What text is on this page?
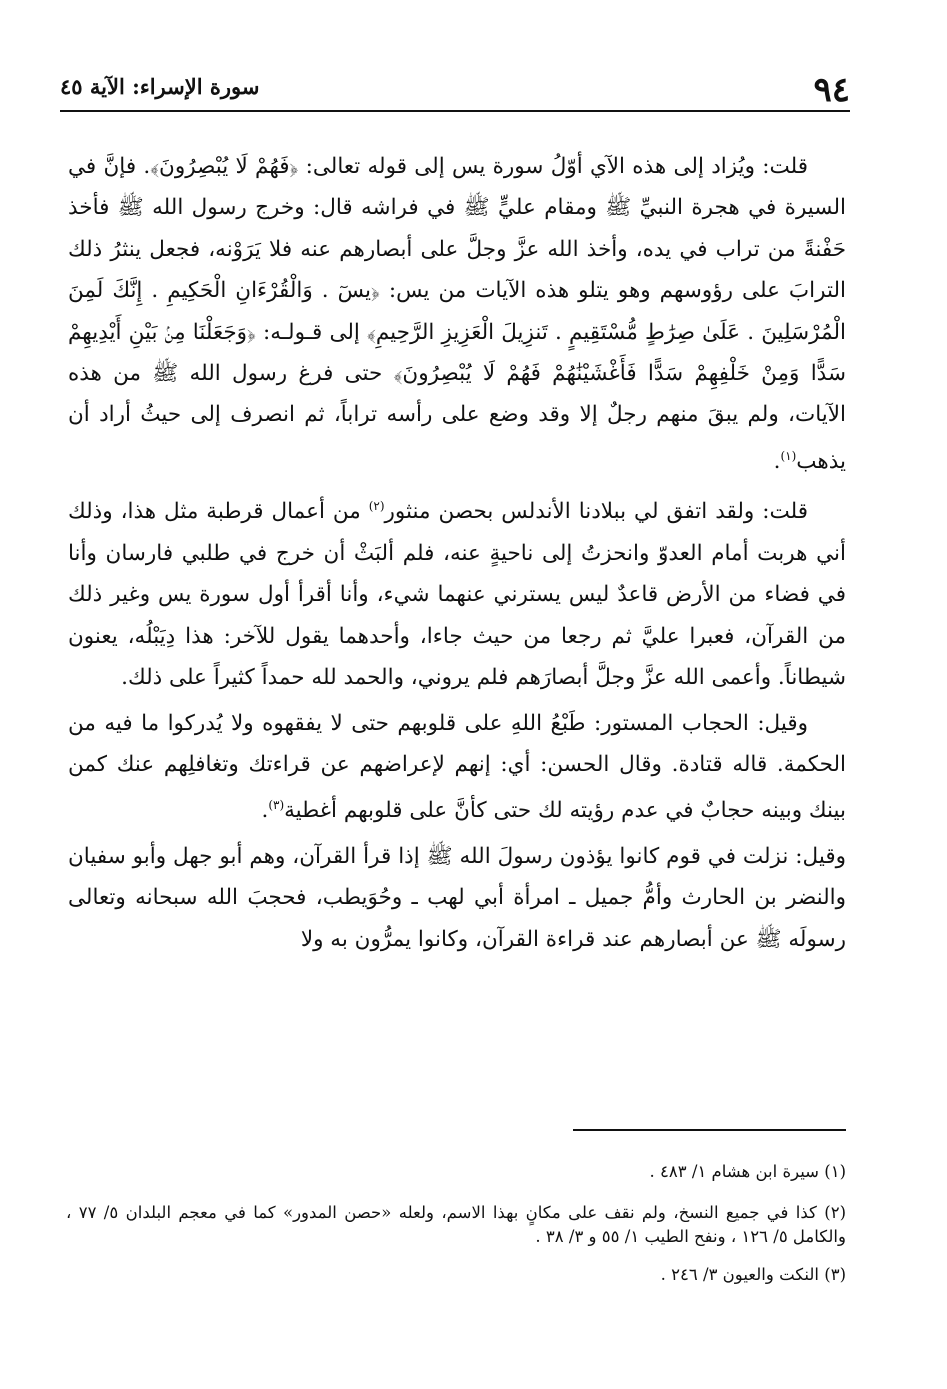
٩٤
سورة الإسراء: الآية ٤٥

قلت: ويُزاد إلى هذه الآي أوّلُ سورة يس إلى قوله تعالى: ﴿فَهُمْ لَا يُبْصِرُونَ﴾. فإنَّ في السيرة في هجرة النبيِّ ﷺ ومقام عليٍّ ﷺ في فراشه قال: وخرج رسول الله ﷺ فأخذ حَفْنةً من تراب في يده، وأخذ الله عزَّ وجلَّ على أبصارهم عنه فلا يَرَوْنه، فجعل ينثرُ ذلك الترابَ على رؤوسهم وهو يتلو هذه الآيات من يس: ﴿يسٓ . وَالْقُرْءَانِ الْحَكِيمِ . إِنَّكَ لَمِنَ الْمُرْسَلِينَ . عَلَىٰ صِرَٰطٍ مُّسْتَقِيمٍ . تَنزِيلَ الْعَزِيزِ الرَّحِيمِ﴾ إلى قـولـه: ﴿وَجَعَلْنَا مِنۢ بَيْنِ أَيْدِيهِمْ سَدًّا وَمِنْ خَلْفِهِمْ سَدًّا فَأَغْشَيْنَٰهُمْ فَهُمْ لَا يُبْصِرُونَ﴾ حتى فرغ رسول الله ﷺ من هذه الآيات، ولم يبقَ منهم رجلٌ إلا وقد وضع على رأسه تراباً، ثم انصرف إلى حيثُ أراد أن يذهب$^{(١)}$.

قلت: ولقد اتفق لي ببلادنا الأندلس بحصن منثور$^{(٢)}$ من أعمال قرطبة مثل هذا، وذلك أني هربت أمام العدوّ وانحزتُ إلى ناحيةٍ عنه، فلم ألبَثْ أن خرج في طلبي فارسان وأنا في فضاء من الأرض قاعدٌ ليس يسترني عنهما شيء، وأنا أقرأ أول سورة يس وغير ذلك من القرآن، فعبرا عليَّ ثم رجعا من حيث جاءا، وأحدهما يقول للآخر: هذا دِيَبْلُه، يعنون شيطاناً. وأعمى الله عزَّ وجلَّ أبصارَهم فلم يروني، والحمد لله حمداً كثيراً على ذلك.

وقيل: الحجاب المستور: طَبْعُ اللهِ على قلوبهم حتى لا يفقهوه ولا يُدركوا ما فيه من الحكمة. قاله قتادة. وقال الحسن: أي: إنهم لإعراضهم عن قراءتك وتغافلِهم عنك كمن بينك وبينه حجابٌ في عدم رؤيته لك حتى كأنَّ على قلوبهم أغطية$^{(٣)}$.

وقيل: نزلت في قوم كانوا يؤذون رسولَ الله ﷺ إذا قرأ القرآن، وهم أبو جهل وأبو سفيان والنضر بن الحارث وأمُّ جميل ـ امرأة أبي لهب ـ وحُوَيطب، فحجبَ الله سبحانه وتعالى رسولَه ﷺ عن أبصارهم عند قراءة القرآن، وكانوا يمرُّون به ولا

(١) سيرة ابن هشام ١/ ٤٨٣ .
(٢) كذا في جميع النسخ، ولم نقف على مكانٍ بهذا الاسم، ولعله «حصن المدور» كما في معجم البلدان ٥/ ٧٧ ، والكامل ٥/ ١٢٦ ، ونفح الطيب ١/ ٥٥ و ٣/ ٣٨ .
(٣) النكت والعيون ٣/ ٢٤٦ .
